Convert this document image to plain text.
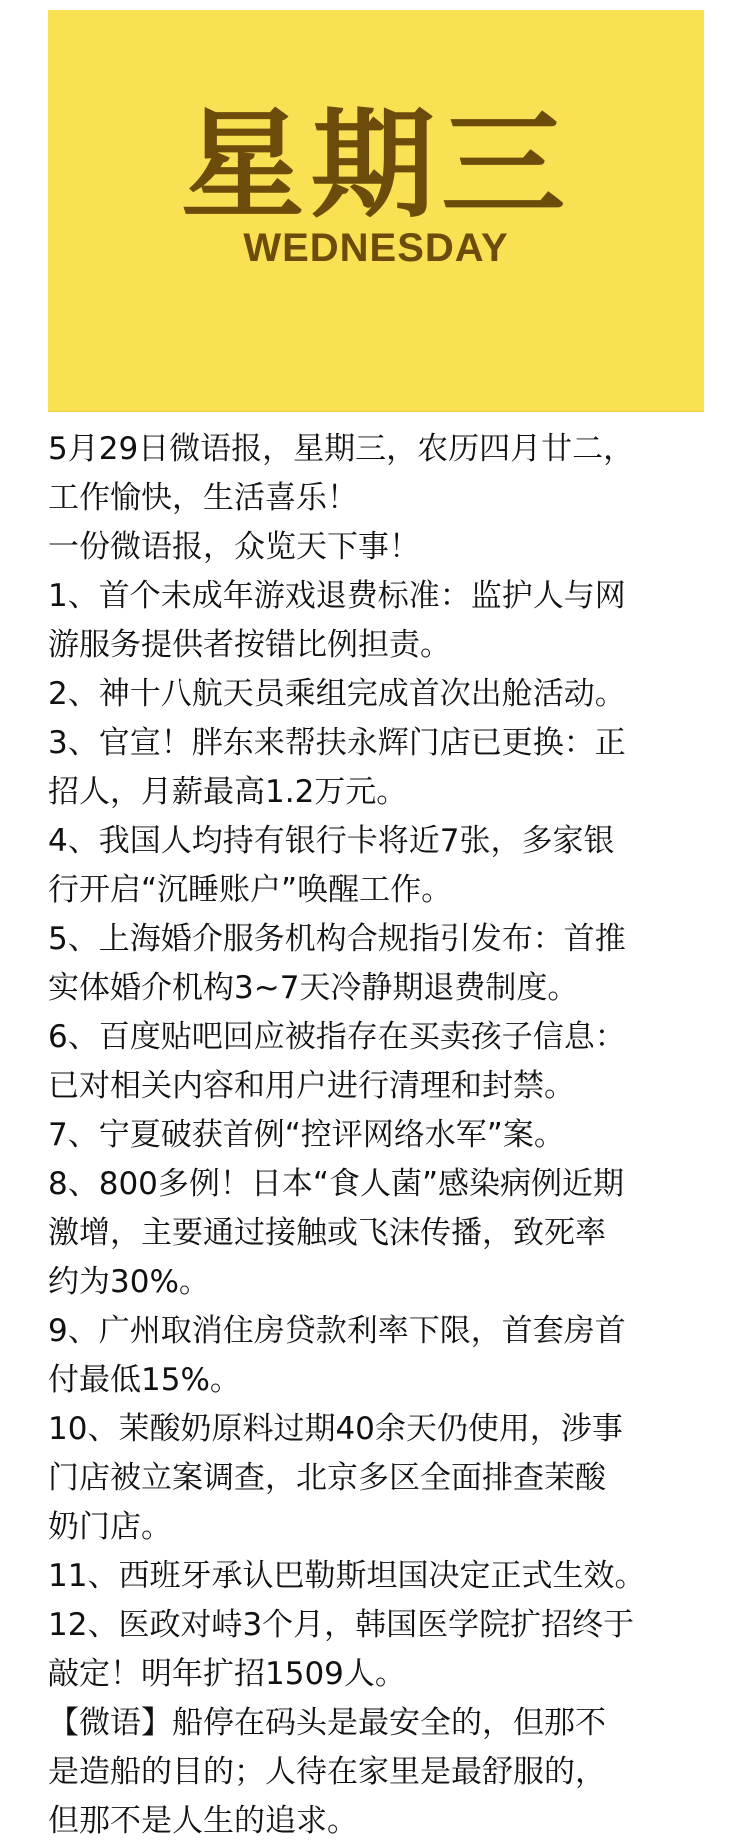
星期三
WEDNESDAY
5月29日微语报，星期三，农历四月廿二，
工作愉快，生活喜乐！
一份微语报，众览天下事！
1、首个未成年游戏退费标准：监护人与网
游服务提供者按错比例担责。
2、神十八航天员乘组完成首次出舱活动。
3、官宣！胖东来帮扶永辉门店已更换：正
招人，月薪最高1.2万元。
4、我国人均持有银行卡将近7张，多家银
行开启“沉睡账户”唤醒工作。
5、上海婚介服务机构合规指引发布：首推
实体婚介机构3~7天冷静期退费制度。
6、百度贴吧回应被指存在买卖孩子信息：
已对相关内容和用户进行清理和封禁。
7、宁夏破获首例“控评网络水军”案。
8、800多例！日本“食人菌”感染病例近期
激增，主要通过接触或飞沫传播，致死率
约为30%。
9、广州取消住房贷款利率下限，首套房首
付最低15%。
10、茉酸奶原料过期40余天仍使用，涉事
门店被立案调查，北京多区全面排查茉酸
奶门店。
11、西班牙承认巴勒斯坦国决定正式生效。
12、医政对峙3个月，韩国医学院扩招终于
敲定！明年扩招1509人。
【微语】船停在码头是最安全的，但那不
是造船的目的；人待在家里是最舒服的，
但那不是人生的追求。
